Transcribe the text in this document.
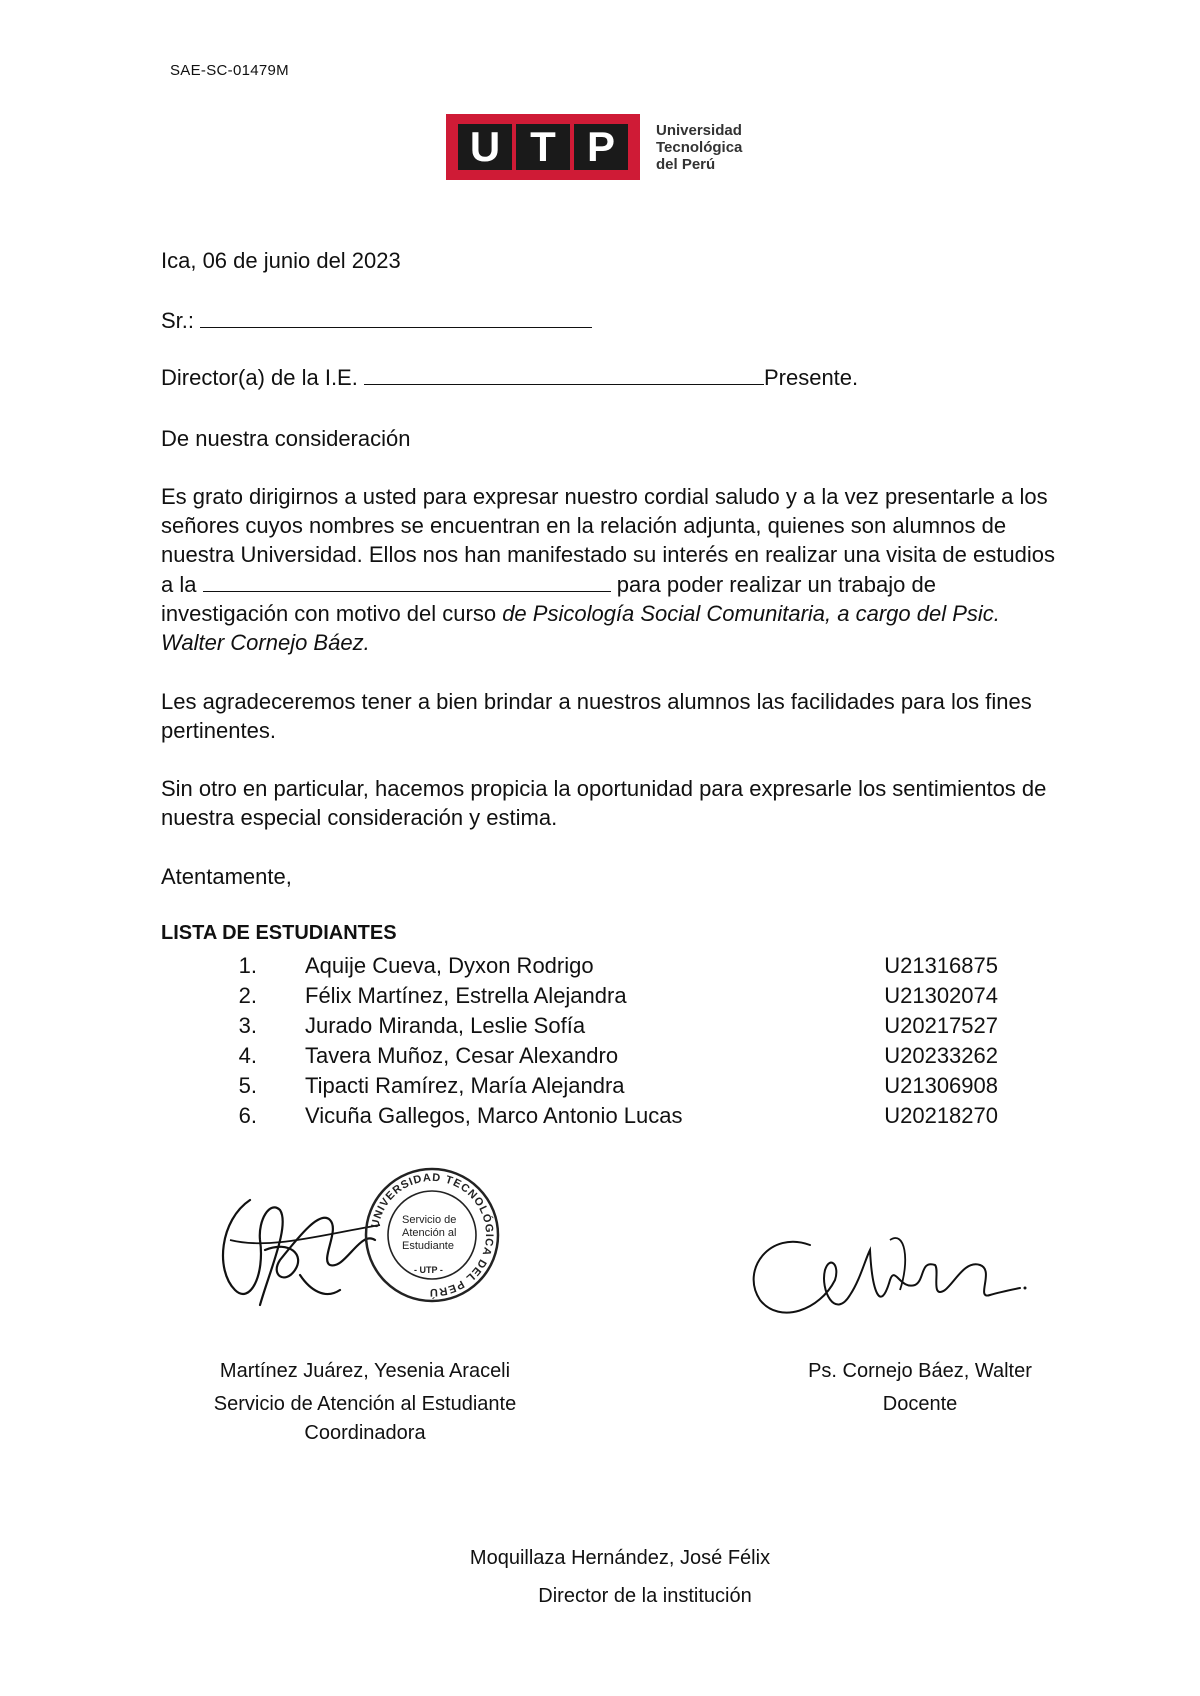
SAE-SC-01479M
U T P	Universidad
Tecnológica
del Perú
Ica, 06 de junio del 2023
Sr.:
Director(a) de la I.E.	Presente.
De nuestra consideración
Es grato dirigirnos a usted para expresar nuestro cordial saludo y a la vez presentarle a los señores cuyos nombres se encuentran en la relación adjunta, quienes son alumnos de nuestra Universidad. Ellos nos han manifestado su interés en realizar una visita de estudios a la	para poder realizar un trabajo de investigación con motivo del curso de Psicología Social Comunitaria, a cargo del Psic. Walter Cornejo Báez.
Les agradeceremos tener a bien brindar a nuestros alumnos las facilidades para los fines pertinentes.
Sin otro en particular, hacemos propicia la oportunidad para expresarle los sentimientos de nuestra especial consideración y estima.
Atentamente,
LISTA DE ESTUDIANTES
1. Aquije Cueva, Dyxon Rodrigo	U21316875
2. Félix Martínez, Estrella Alejandra	U21302074
3. Jurado Miranda, Leslie Sofía	U20217527
4. Tavera Muñoz, Cesar Alexandro	U20233262
5. Tipacti Ramírez, María Alejandra	U21306908
6. Vicuña Gallegos, Marco Antonio Lucas	U20218270
UNIVERSIDAD TECNOLÓGICA DEL PERÚ
Servicio de
Atención al
Estudiante
- UTP -
Martínez Juárez, Yesenia Araceli
Servicio de Atención al Estudiante
Coordinadora
Ps. Cornejo Báez, Walter
Docente
Moquillaza Hernández, José Félix
Director de la institución
